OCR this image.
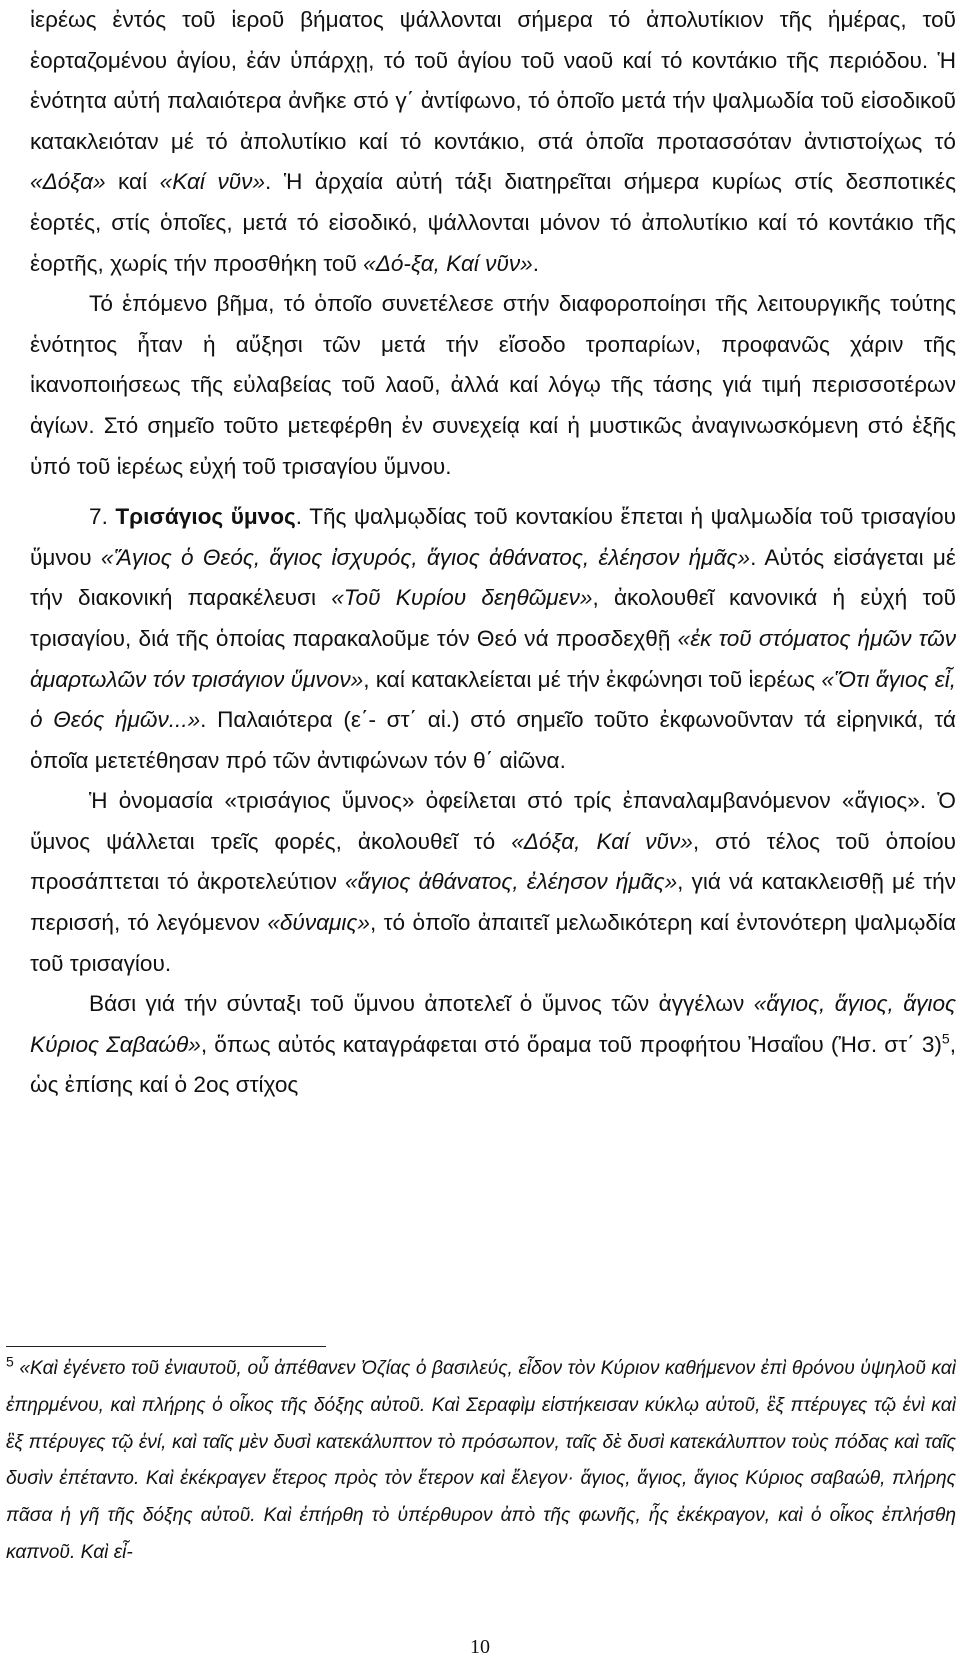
ἱερέως ἐντός τοῦ ἱεροῦ βήματος ψάλλονται σήμερα τό ἀπολυτίκιον τῆς ἡμέρας, τοῦ ἑορταζομένου ἁγίου, ἐάν ὑπάρχῃ, τό τοῦ ἁγίου τοῦ ναοῦ καί τό κοντάκιο τῆς περιόδου. Ἡ ἑνότητα αὐτή παλαιότερα ἀνῆκε στό γ΄ ἀντίφωνο, τό ὁποῖο μετά τήν ψαλμωδία τοῦ εἰσοδικοῦ κατακλειόταν μέ τό ἀπολυτίκιο καί τό κοντάκιο, στά ὁποῖα προτασσόταν ἀντιστοίχως τό «Δόξα» καί «Καί νῦν». Ἡ ἀρχαία αὐτή τάξι διατηρεῖται σήμερα κυρίως στίς δεσποτικές ἑορτές, στίς ὁποῖες, μετά τό εἰσοδικό, ψάλλονται μόνον τό ἀπολυτίκιο καί τό κοντάκιο τῆς ἑορτῆς, χωρίς τήν προσθήκη τοῦ «Δό-ξα, Καί νῦν».

Τό ἑπόμενο βῆμα, τό ὁποῖο συνετέλεσε στήν διαφοροποίησι τῆς λειτουργικῆς τούτης ἑνότητος ἦταν ἡ αὔξησι τῶν μετά τήν εἴσοδο τροπαρίων, προφανῶς χάριν τῆς ἱκανοποιήσεως τῆς εὐλαβείας τοῦ λαοῦ, ἀλλά καί λόγῳ τῆς τάσης γιά τιμή περισσοτέρων ἁγίων. Στό σημεῖο τοῦτο μετεφέρθη ἐν συνεχείᾳ καί ἡ μυστικῶς ἀναγινωσκόμενη στό ἑξῆς ὑπό τοῦ ἱερέως εὐχή τοῦ τρισαγίου ὕμνου.

7. Τρισάγιος ὕμνος. Τῆς ψαλμῳδίας τοῦ κοντακίου ἕπεται ἡ ψαλμωδία τοῦ τρισαγίου ὕμνου «Ἅγιος ὁ Θεός, ἅγιος ἰσχυρός, ἅγιος ἀθάνατος, ἐλέησον ἡμᾶς». Αὐτός εἰσάγεται μέ τήν διακονική παρακέλευσι «Τοῦ Κυρίου δεηθῶμεν», ἀκολουθεῖ κανονικά ἡ εὐχή τοῦ τρισαγίου, διά τῆς ὁποίας παρακαλοῦμε τόν Θεό νά προσδεχθῇ «ἐκ τοῦ στόματος ἡμῶν τῶν ἁμαρτωλῶν τόν τρισάγιον ὕμνον», καί κατακλείεται μέ τήν ἐκφώνησι τοῦ ἱερέως «Ὅτι ἅγιος εἶ, ὁ Θεός ἡμῶν...». Παλαιότερα (ε΄- στ΄ αἰ.) στό σημεῖο τοῦτο ἐκφωνοῦνταν τά εἰρηνικά, τά ὁποῖα μετετέθησαν πρό τῶν ἀντιφώνων τόν θ΄ αἰῶνα.

Ἡ ὀνομασία «τρισάγιος ὕμνος» ὀφείλεται στό τρίς ἐπαναλαμβανόμενον «ἅγιος». Ὁ ὕμνος ψάλλεται τρεῖς φορές, ἀκολουθεῖ τό «Δόξα, Καί νῦν», στό τέλος τοῦ ὁποίου προσάπτεται τό ἀκροτελεύτιον «ἅγιος ἀθάνατος, ἐλέησον ἡμᾶς», γιά νά κατακλεισθῇ μέ τήν περισσή, τό λεγόμενον «δύναμις», τό ὁποῖο ἀπαιτεῖ μελωδικότερη καί ἐντονότερη ψαλμῳδία τοῦ τρισαγίου.

Βάσι γιά τήν σύνταξι τοῦ ὕμνου ἀποτελεῖ ὁ ὕμνος τῶν ἀγγέλων «ἅγιος, ἅγιος, ἅγιος Κύριος Σαβαώθ», ὅπως αὐτός καταγράφεται στό ὅραμα τοῦ προφήτου Ἠσαΐου (Ἠσ. στ΄ 3)$^5$, ὡς ἐπίσης καί ὁ 2ος στίχος

$^5$ «Καὶ ἐγένετο τοῦ ἐνιαυτοῦ, οὗ ἀπέθανεν Ὀζίας ὁ βασιλεύς, εἶδον τὸν Κύριον καθήμενον ἐπὶ θρόνου ὑψηλοῦ καὶ ἐπηρμένου, καὶ πλήρης ὁ οἶκος τῆς δόξης αὐτοῦ. Καὶ Σεραφὶμ εἱστήκεισαν κύκλῳ αὐτοῦ, ἓξ πτέρυγες τῷ ἑνὶ καὶ ἓξ πτέρυγες τῷ ἑνί, καὶ ταῖς μὲν δυσὶ κατεκάλυπτον τὸ πρόσωπον, ταῖς δὲ δυσὶ κατεκάλυπτον τοὺς πόδας καὶ ταῖς δυσὶν ἐπέταντο. Καὶ ἐκέκραγεν ἕτερος πρὸς τὸν ἕτερον καὶ ἔλεγον· ἅγιος, ἅγιος, ἅγιος Κύριος σαβαώθ, πλήρης πᾶσα ἡ γῆ τῆς δόξης αὐτοῦ. Καὶ ἐπήρθη τὸ ὑπέρθυρον ἀπὸ τῆς φωνῆς, ἧς ἐκέκραγον, καὶ ὁ οἶκος ἐπλήσθη καπνοῦ. Καὶ εἶ-
10
